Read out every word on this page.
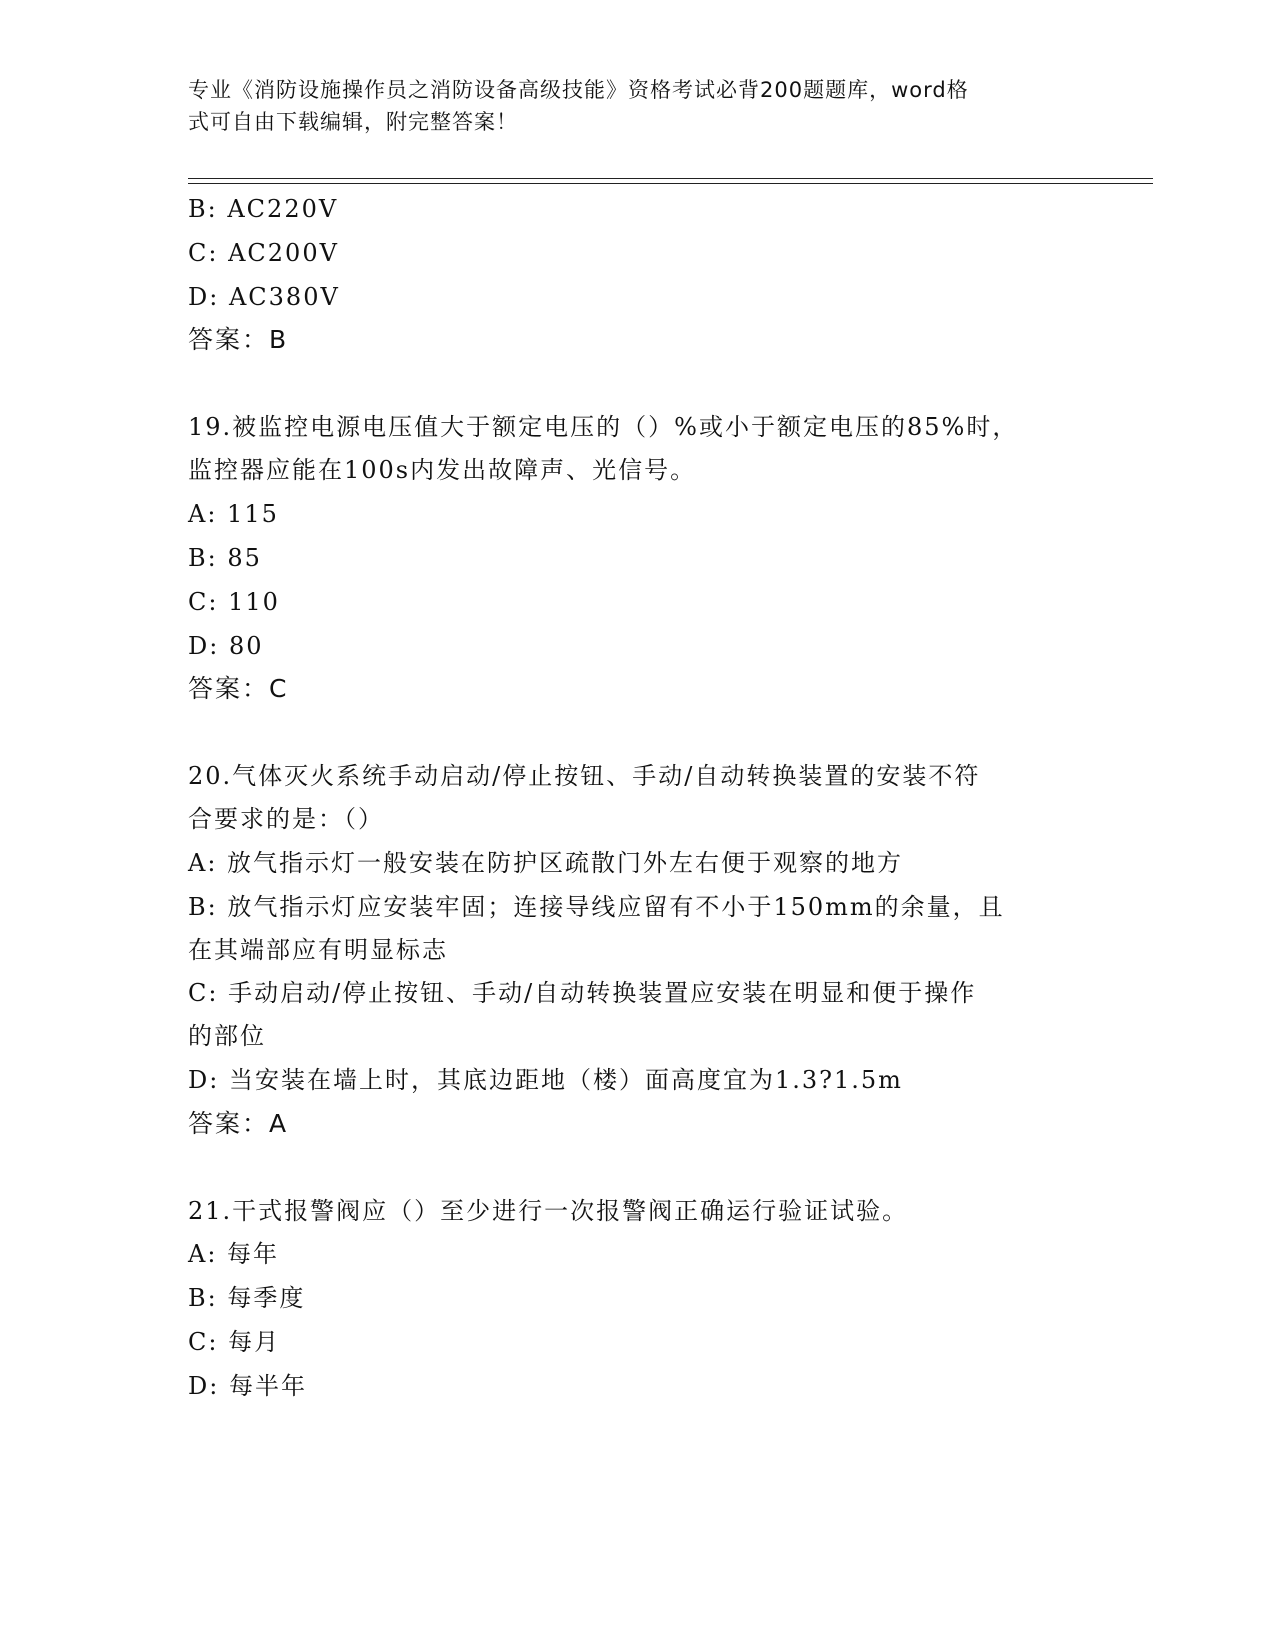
专业《消防设施操作员之消防设备高级技能》资格考试必背200题题库，word格
式可自由下载编辑，附完整答案！
B: AC220V
C: AC200V
D: AC380V
答案：B
19.被监控电源电压值大于额定电压的（）%或小于额定电压的85%时，
监控器应能在100s内发出故障声、光信号。
A: 115
B: 85
C: 110
D: 80
答案：C
20.气体灭火系统手动启动/停止按钮、手动/自动转换装置的安装不符
合要求的是：（）
A: 放气指示灯一般安装在防护区疏散门外左右便于观察的地方
B: 放气指示灯应安装牢固；连接导线应留有不小于150mm的余量，且
在其端部应有明显标志
C: 手动启动/停止按钮、手动/自动转换装置应安装在明显和便于操作
的部位
D: 当安装在墙上时，其底边距地（楼）面高度宜为1.3?1.5m
答案：A
21.干式报警阀应（）至少进行一次报警阀正确运行验证试验。
A: 每年
B: 每季度
C: 每月
D: 每半年
